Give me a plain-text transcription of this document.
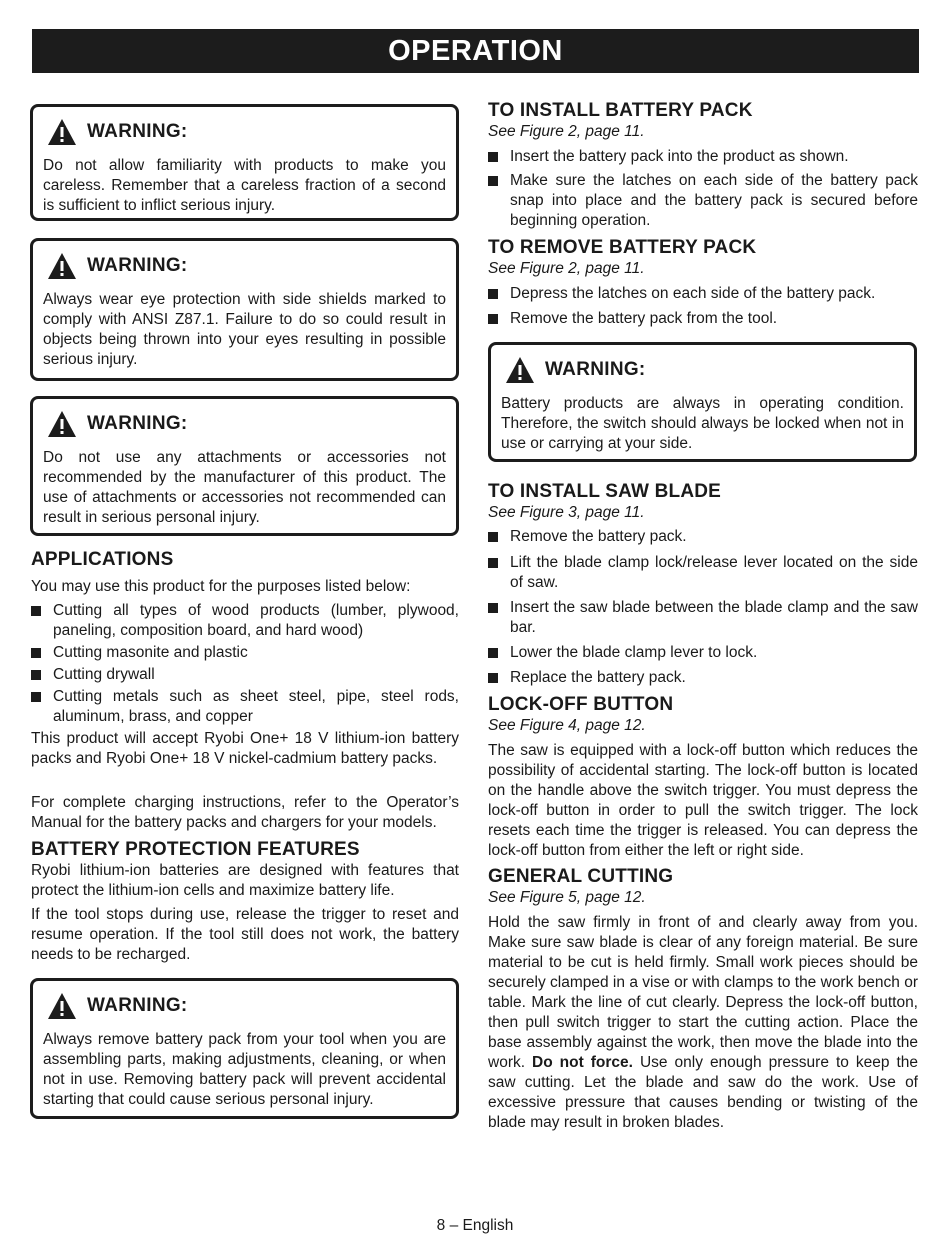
OPERATION
WARNING:
Do not allow familiarity with products to make you careless. Remember that a careless fraction of a second is sufficient to inflict serious injury.
WARNING:
Always wear eye protection with side shields marked to comply with ANSI Z87.1. Failure to do so could result in objects being thrown into your eyes resulting in possible serious injury.
WARNING:
Do not use any attachments or accessories not recommended by the manufacturer of this product. The use of attachments or accessories not recommended can result in serious personal injury.
APPLICATIONS
You may use this product for the purposes listed below:
Cutting all types of wood products (lumber, plywood, paneling, composition board, and hard wood)
Cutting masonite and plastic
Cutting drywall
Cutting metals such as sheet steel, pipe, steel rods, aluminum, brass, and copper
This product will accept Ryobi One+ 18 V lithium-ion battery packs and Ryobi One+ 18 V nickel-cadmium battery packs.
For complete charging instructions, refer to the Operator’s Manual for the battery packs and chargers for your models.
BATTERY PROTECTION FEATURES
Ryobi lithium-ion batteries are designed with features that protect the lithium-ion cells and maximize battery life.
If the tool stops during use, release the trigger to reset and resume operation. If the tool still does not work, the battery needs to be recharged.
WARNING:
Always remove battery pack from your tool when you are assembling parts, making adjustments, cleaning, or when not in use. Removing battery pack will prevent accidental starting that could cause serious personal injury.
TO INSTALL BATTERY PACK
See Figure 2, page 11.
Insert the battery pack into the product as shown.
Make sure the latches on each side of the battery pack snap into place and the battery pack is secured before beginning operation.
TO REMOVE BATTERY PACK
See Figure 2, page 11.
Depress the latches on each side of the battery pack.
Remove the battery pack from the tool.
WARNING:
Battery products are always in operating condition. Therefore, the switch should always be locked when not in use or carrying at your side.
TO INSTALL SAW BLADE
See Figure 3, page 11.
Remove the battery pack.
Lift the blade clamp lock/release lever located on the side of saw.
Insert the saw blade between the blade clamp and the saw bar.
Lower the blade clamp lever to lock.
Replace the battery pack.
LOCK-OFF BUTTON
See Figure 4, page 12.
The saw is equipped with a lock-off button which reduces the possibility of accidental starting. The lock-off button is located on the handle above the switch trigger. You must depress the lock-off button in order to pull the switch trigger. The lock resets each time the trigger is released. You can depress the lock-off button from either the left or right side.
GENERAL CUTTING
See Figure 5, page 12.
Hold the saw firmly in front of and clearly away from you. Make sure saw blade is clear of any foreign material. Be sure material to be cut is held firmly. Small work pieces should be securely clamped in a vise or with clamps to the work bench or table. Mark the line of cut clearly. Depress the lock-off button, then pull switch trigger to start the cutting action. Place the base assembly against the work, then move the blade into the work. Do not force. Use only enough pressure to keep the saw cutting. Let the blade and saw do the work. Use of excessive pressure that causes bending or twisting of the blade may result in broken blades.
8 – English
